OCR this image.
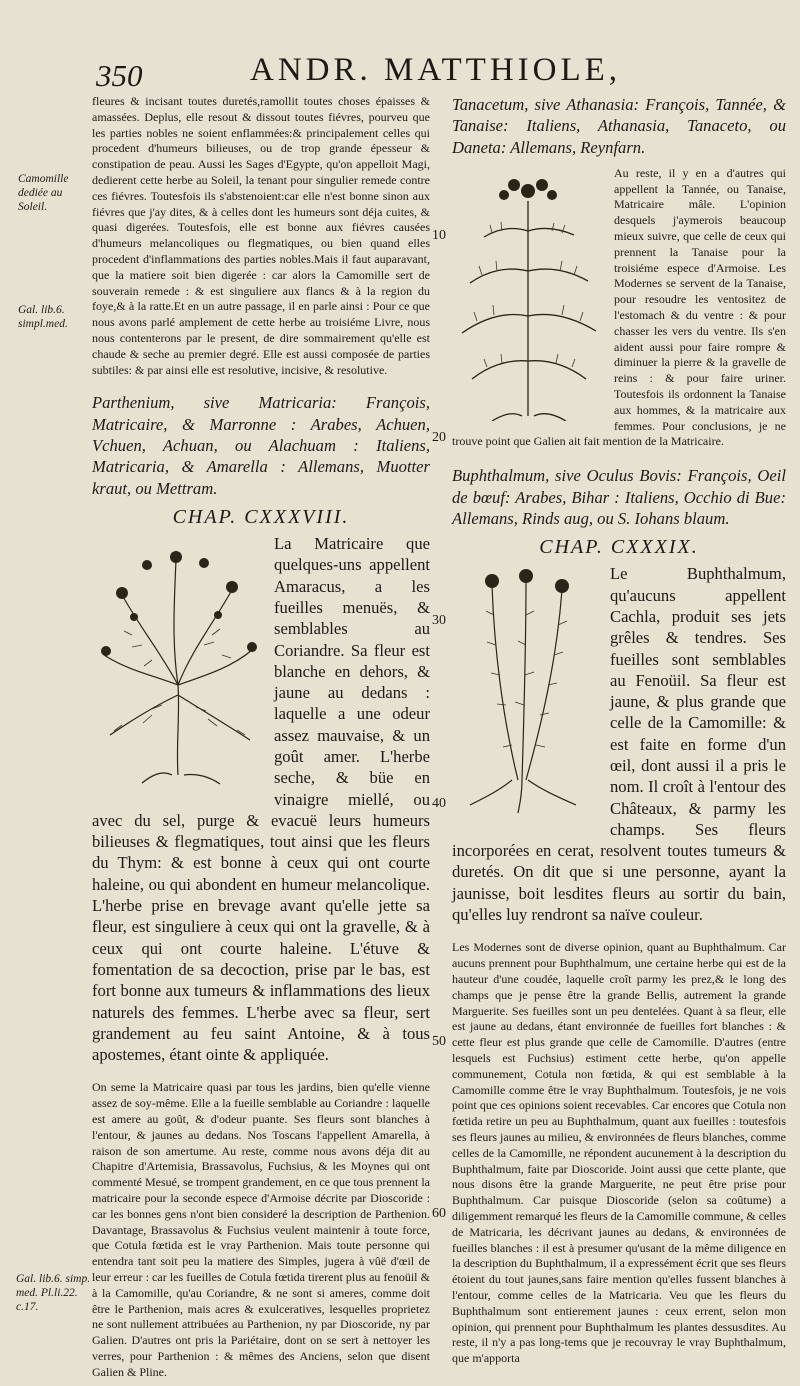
350	ANDR. MATTHIOLE,
Camomille dediée au Soleil.
Gal. lib.6. simpl.med.
Gal. lib.6. simp. med. Pl.li.22. c.17.
10
20
30
40
50
60

fleures & incisant toutes duretés,ramollit toutes choses épaisses & amassées. Deplus, elle resout & dissout toutes fiévres, pourveu que les parties nobles ne soient enflammées:& principalement celles qui procedent d'humeurs bilieuses, ou de trop grande épesseur & constipation de peau. Aussi les Sages d'Egypte, qu'on appelloit Magi, dedierent cette herbe au Soleil, la tenant pour singulier remede contre ces fiévres. Toutesfois ils s'abstenoient:car elle n'est bonne sinon aux fiévres que j'ay dites, & à celles dont les humeurs sont déja cuites, & quasi digerées. Toutesfois, elle est bonne aux fiévres causées d'humeurs melancoliques ou flegmatiques, ou bien quand elles procedent d'inflammations des parties nobles.Mais il faut auparavant, que la matiere soit bien digerée : car alors la Camomille sert de souverain remede : & est singuliere aux flancs & à la region du foye,& à la ratte.Et en un autre passage, il en parle ainsi : Pour ce que nous avons parlé amplement de cette herbe au troisiéme Livre, nous nous contenterons par le present, de dire sommairement qu'elle est chaude & seche au premier degré. Elle est aussi composée de parties subtiles: & par ainsi elle est resolutive, incisive, & resolutive.

Parthenium, sive Matricaria: François, Matricaire, & Marronne : Arabes, Achuen, Vchuen, Achuan, ou Alachuam : Italiens, Matricaria, & Amarella : Allemans, Muotter kraut, ou Mettram.

CHAP. CXXXVIII.

La Matricaire que quelques-uns appellent Amaracus, a les fueilles menuës, & semblables au Coriandre. Sa fleur est blanche en dehors, & jaune au dedans : laquelle a une odeur assez mauvaise, & un goût amer. L'herbe seche, & büe en vinaigre miellé, ou avec du sel, purge & evacuë leurs humeurs bilieuses & flegmatiques, tout ainsi que les fleurs du Thym: & est bonne à ceux qui ont courte haleine, ou qui abondent en humeur melancolique. L'herbe prise en brevage avant qu'elle jette sa fleur, est singuliere à ceux qui ont la gravelle, & à ceux qui ont courte haleine. L'étuve & fomentation de sa decoction, prise par le bas, est fort bonne aux tumeurs & inflammations des lieux naturels des femmes. L'herbe avec sa fleur, sert grandement au feu saint Antoine, & à tous apostemes, étant ointe & appliquée.

On seme la Matricaire quasi par tous les jardins, bien qu'elle vienne assez de soy-même. Elle a la fueille semblable au Coriandre : laquelle est amere au goût, & d'odeur puante. Ses fleurs sont blanches à l'entour, & jaunes au dedans. Nos Toscans l'appellent Amarella, à raison de son amertume. Au reste, comme nous avons déja dit au Chapitre d'Artemisia, Brassavolus, Fuchsius, & les Moynes qui ont commenté Mesué, se trompent grandement, en ce que tous prennent la matricaire pour la seconde espece d'Armoise décrite par Dioscoride : car les bonnes gens n'ont bien consideré la description de Parthenion. Davantage, Brassavolus & Fuchsius veulent maintenir à toute force, que Cotula fœtida est le vray Parthenion. Mais toute personne qui entendra tant soit peu la matiere des Simples, jugera à vûë d'œil de leur erreur : car les fueilles de Cotula fœtida tirerent plus au fenoüil & à la Camomille, qu'au Coriandre, & ne sont si ameres, comme doit être le Parthenion, mais acres & exulceratives, lesquelles proprietez ne sont nullement attribuées au Parthenion, ny par Dioscoride, ny par Galien. D'autres ont pris la Pariétaire, dont on se sert à nettoyer les verres, pour Parthenion : & mêmes des Anciens, selon que disent Galien & Pline.

Tanacetum, sive Athanasia: François, Tannée, & Tanaise: Italiens, Athanasia, Tanaceto, ou Daneta: Allemans, Reynfarn.

Au reste, il y en a d'autres qui appellent la Tannée, ou Tanaise, Matricaire mâle. L'opinion desquels j'aymerois beaucoup mieux suivre, que celle de ceux qui prennent la Tanaise pour la troisiéme espece d'Armoise. Les Modernes se servent de la Tanaise, pour resoudre les ventositez de l'estomach & du ventre : & pour chasser les vers du ventre. Ils s'en aident aussi pour faire rompre & diminuer la pierre & la gravelle de reins : & pour faire uriner. Toutesfois ils ordonnent la Tanaise aux hommes, & la matricaire aux femmes. Pour conclusions, je ne trouve point que Galien ait fait mention de la Matricaire.

Buphthalmum, sive Oculus Bovis: François, Oeil de bœuf: Arabes, Bihar : Italiens, Occhio di Bue: Allemans, Rinds aug, ou S. Iohans blaum.

CHAP. CXXXIX.

Le Buphthalmum, qu'aucuns appellent Cachla, produit ses jets grêles & tendres. Ses fueilles sont semblables au Fenoüil. Sa fleur est jaune, & plus grande que celle de la Camomille: & est faite en forme d'un œil, dont aussi il a pris le nom. Il croît à l'entour des Châteaux, & parmy les champs. Ses fleurs incorporées en cerat, resolvent toutes tumeurs & duretés. On dit que si une personne, ayant la jaunisse, boit lesdites fleurs au sortir du bain, qu'elles luy rendront sa naïve couleur.

Les Modernes sont de diverse opinion, quant au Buphthalmum. Car aucuns prennent pour Buphthalmum, une certaine herbe qui est de la hauteur d'une coudée, laquelle croît parmy les prez,& le long des champs que je pense être la grande Bellis, autrement la grande Marguerite. Ses fueilles sont un peu dentelées. Quant à sa fleur, elle est jaune au dedans, étant environnée de fueilles fort blanches : & cette fleur est plus grande que celle de Camomille. D'autres (entre lesquels est Fuchsius) estiment cette herbe, qu'on appelle communement, Cotula non fœtida, & qui est semblable à la Camomille comme être le vray Buphthalmum. Toutesfois, je ne vois point que ces opinions soient recevables. Car encores que Cotula non fœtida retire un peu au Buphthalmum, quant aux fueilles : toutesfois ses fleurs jaunes au milieu, & environnées de fleurs blanches, comme celles de la Camomille, ne répondent aucunement à la description du Buphthalmum, faite par Dioscoride. Joint aussi que cette plante, que nous disons être la grande Marguerite, ne peut être prise pour Buphthalmum. Car puisque Dioscoride (selon sa coûtume) a diligemment remarqué les fleurs de la Camomille commune, & celles de Matricaria, les décrivant jaunes au dedans, & environnées de fueilles blanches : il est à presumer qu'usant de la même diligence en la description du Buphthalmum, il a expressément écrit que ses fleurs étoient du tout jaunes,sans faire mention qu'elles fussent blanches à l'entour, comme celles de la Matricaria. Veu que les fleurs du Buphthalmum sont entierement jaunes : ceux errent, selon mon opinion, qui prennent pour Buphthalmum les plantes dessusdites. Au reste, il n'y a pas long-tems que je recouvray le vray Buphthalmum, que m'apporta
